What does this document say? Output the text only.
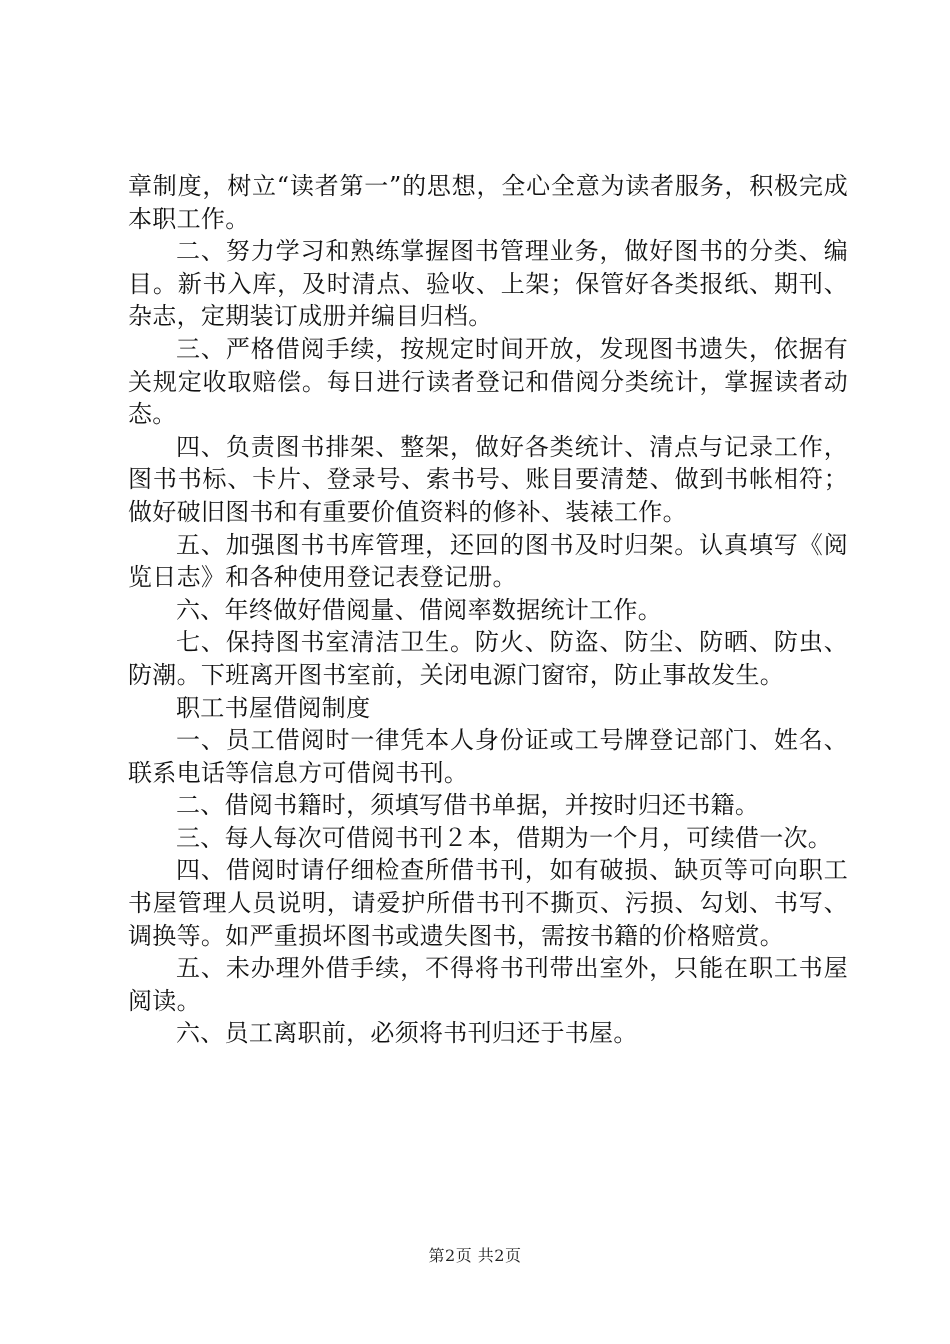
章制度，树立“读者第一”的思想，全心全意为读者服务，积极完成本职工作。

二、努力学习和熟练掌握图书管理业务，做好图书的分类、编目。新书入库，及时清点、验收、上架；保管好各类报纸、期刊、杂志，定期装订成册并编目归档。

三、严格借阅手续，按规定时间开放，发现图书遗失，依据有关规定收取赔偿。每日进行读者登记和借阅分类统计，掌握读者动态。

四、负责图书排架、整架，做好各类统计、清点与记录工作，图书书标、卡片、登录号、索书号、账目要清楚、做到书帐相符；做好破旧图书和有重要价值资料的修补、装裱工作。

五、加强图书书库管理，还回的图书及时归架。认真填写《阅览日志》和各种使用登记表登记册。

六、年终做好借阅量、借阅率数据统计工作。

七、保持图书室清洁卫生。防火、防盗、防尘、防晒、防虫、防潮。下班离开图书室前，关闭电源门窗帘，防止事故发生。

职工书屋借阅制度

一、员工借阅时一律凭本人身份证或工号牌登记部门、姓名、联系电话等信息方可借阅书刊。

二、借阅书籍时，须填写借书单据，并按时归还书籍。

三、每人每次可借阅书刊２本，借期为一个月，可续借一次。

四、借阅时请仔细检查所借书刊，如有破损、缺页等可向职工书屋管理人员说明，请爱护所借书刊不撕页、污损、勾划、书写、调换等。如严重损坏图书或遗失图书，需按书籍的价格赔赏。

五、未办理外借手续，不得将书刊带出室外，只能在职工书屋阅读。

六、员工离职前，必须将书刊归还于书屋。

第2页 共2页
